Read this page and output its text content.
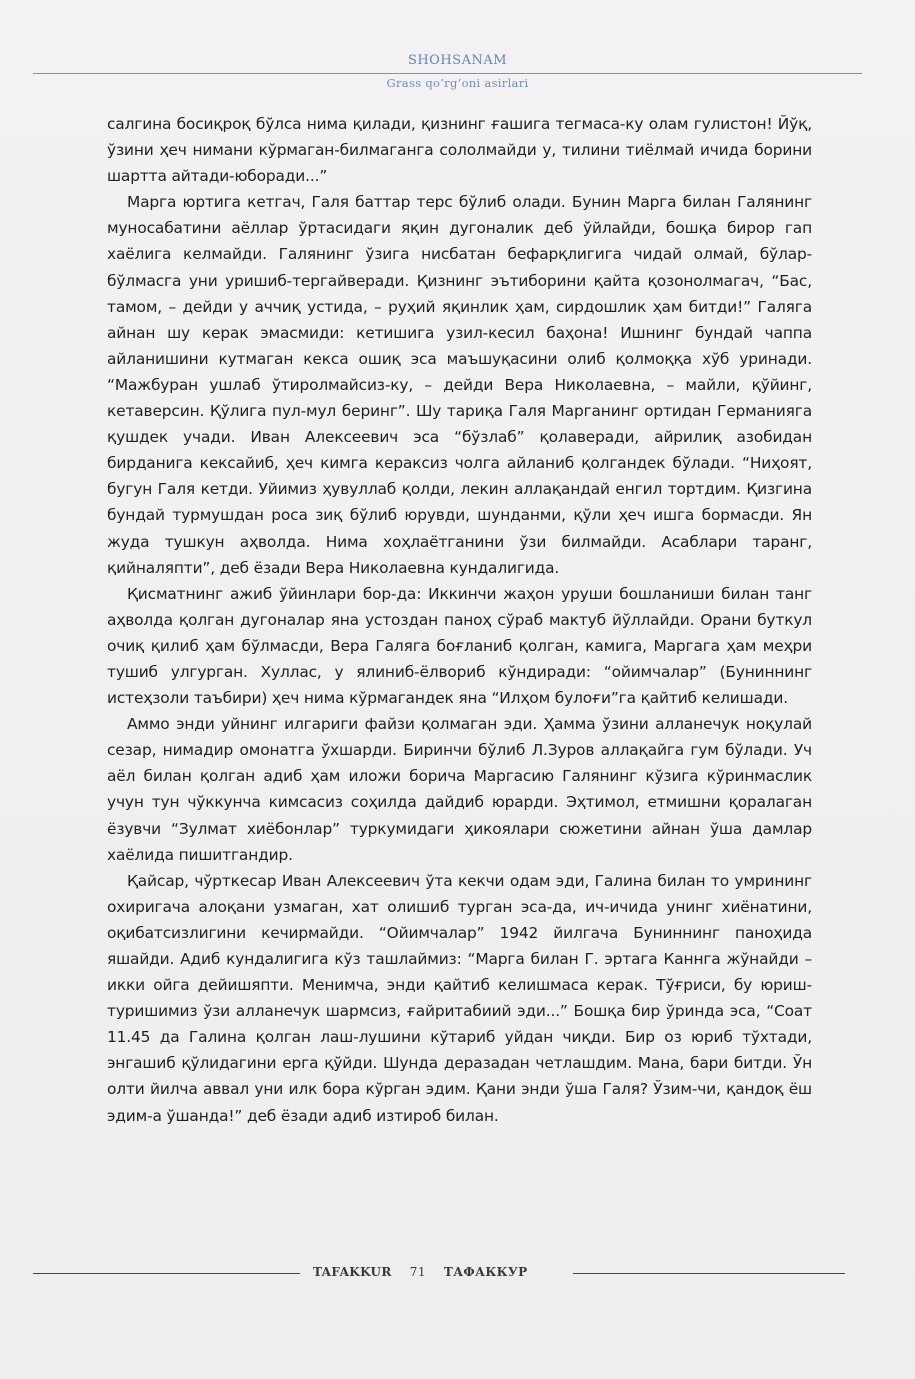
SHOHSANAM
Grass qo’rg’oni asirlari

салгина босиқроқ бўлса нима қилади, қизнинг ғашига тегмаса-ку олам гулистон! Йўқ, ўзини ҳеч нимани кўрмаган-билмаганга сололмайди у, тилини тиёлмай ичида борини шартта айтади-юборади...”

Марга юртига кетгач, Галя баттар терс бўлиб олади. Бунин Марга билан Галянинг муносабатини аёллар ўртасидаги яқин дугоналик деб ўйлайди, бошқа бирор гап хаёлига келмайди. Галянинг ўзига нисбатан бефарқлигига чидай олмай, бўлар-бўлмасга уни уришиб-тергайверади. Қизнинг эътиборини қайта қозонолмагач, “Бас, тамом, – дейди у аччиқ устида, – руҳий яқинлик ҳам, сирдошлик ҳам битди!” Галяга айнан шу керак эмасмиди: кетишига узил-кесил баҳона! Ишнинг бундай чаппа айланишини кутмаган кекса ошиқ эса маъшуқасини олиб қолмоққа хўб уринади. “Мажбуран ушлаб ўтиролмайсиз-ку, – дейди Вера Николаевна, – майли, қўйинг, кетаверсин. Қўлига пул-мул беринг”. Шу тариқа Галя Марганинг ортидан Германияга қушдек учади. Иван Алексеевич эса “бўзлаб” қолаверади, айрилиқ азобидан бирданига кексайиб, ҳеч кимга кераксиз чолга айланиб қолгандек бўлади. “Ниҳоят, бугун Галя кетди. Уйимиз ҳувуллаб қолди, лекин аллақандай енгил тортдим. Қизгина бундай турмушдан роса зиқ бўлиб юрувди, шунданми, қўли ҳеч ишга бормасди. Ян жуда тушкун аҳволда. Нима хоҳлаётганини ўзи билмайди. Асаблари таранг, қийналяпти”, деб ёзади Вера Николаевна кундалигида.

Қисматнинг ажиб ўйинлари бор-да: Иккинчи жаҳон уруши бошланиши билан танг аҳволда қолган дугоналар яна устоздан паноҳ сўраб мактуб йўллайди. Орани буткул очиқ қилиб ҳам бўлмасди, Вера Галяга боғланиб қолган, камига, Маргага ҳам меҳри тушиб улгурган. Хуллас, у ялиниб-ёлвориб кўндиради: “ойимчалар” (Буниннинг истеҳзоли таъбири) ҳеч нима кўрмагандек яна “Илҳом булоғи”га қайтиб келишади.

Аммо энди уйнинг илгариги файзи қолмаган эди. Ҳамма ўзини алланечук ноқулай сезар, нимадир омонатга ўхшарди. Биринчи бўлиб Л.Зуров аллақайга гум бўлади. Уч аёл билан қолган адиб ҳам иложи борича Маргасию Галянинг кўзига кўринмаслик учун тун чўккунча кимсасиз соҳилда дайдиб юрарди. Эҳтимол, етмишни қоралаган ёзувчи “Зулмат хиёбонлар” туркумидаги ҳикоялари сюжетини айнан ўша дамлар хаёлида пишитгандир.

Қайсар, чўрткесар Иван Алексеевич ўта кекчи одам эди, Галина билан то умрининг охиригача алоқани узмаган, хат олишиб турган эса-да, ич-ичида унинг хиёнатини, оқибатсизлигини кечирмайди. “Ойимчалар” 1942 йилгача Буниннинг паноҳида яшайди. Адиб кундалигига кўз ташлаймиз: “Марга билан Г. эртага Каннга жўнайди – икки ойга дейишяпти. Менимча, энди қайтиб келишмаса керак. Тўғриси, бу юриш-туришимиз ўзи алланечук шармсиз, ғайритабиий эди...” Бошқа бир ўринда эса, “Соат 11.45 да Галина қолган лаш-лушини кўтариб уйдан чиқди. Бир оз юриб тўхтади, энгашиб қўлидагини ерга қўйди. Шунда деразадан четлашдим. Мана, бари битди. Ўн олти йилча аввал уни илк бора кўрган эдим. Қани энди ўша Галя? Ўзим-чи, қандоқ ёш эдим-а ўшанда!” деб ёзади адиб изтироб билан.

TAFAKKUR 71 ТАФАККУР
